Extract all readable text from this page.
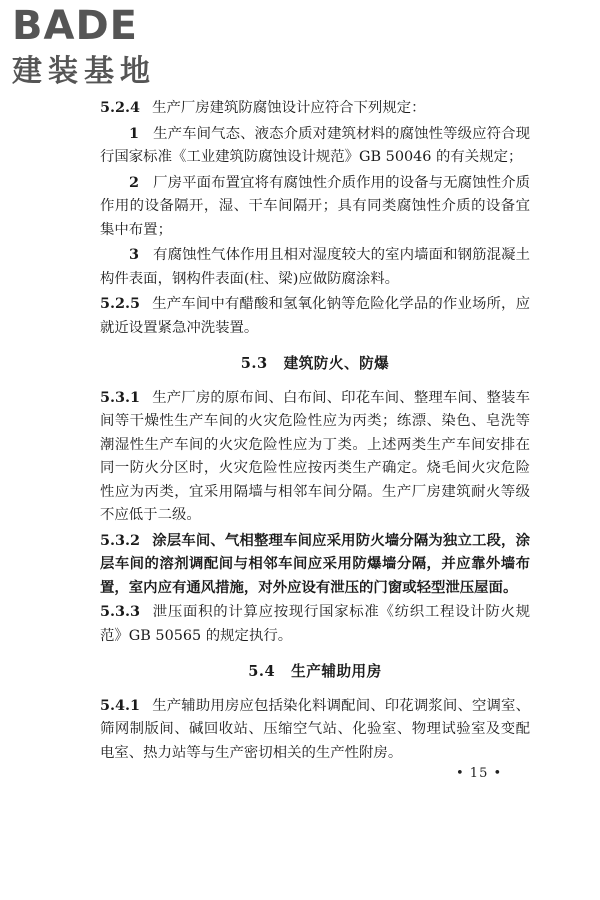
BADE
建装基地

5.2.4 生产厂房建筑防腐蚀设计应符合下列规定：

1 生产车间气态、液态介质对建筑材料的腐蚀性等级应符合现行国家标准《工业建筑防腐蚀设计规范》GB 50046 的有关规定；

2 厂房平面布置宜将有腐蚀性介质作用的设备与无腐蚀性介质作用的设备隔开，湿、干车间隔开；具有同类腐蚀性介质的设备宜集中布置；

3 有腐蚀性气体作用且相对湿度较大的室内墙面和钢筋混凝土构件表面，钢构件表面(柱、梁)应做防腐涂料。

5.2.5 生产车间中有醋酸和氢氧化钠等危险化学品的作业场所，应就近设置紧急冲洗装置。

5.3 建筑防火、防爆

5.3.1 生产厂房的原布间、白布间、印花车间、整理车间、整装车间等干燥性生产车间的火灾危险性应为丙类；练漂、染色、皂洗等潮湿性生产车间的火灾危险性应为丁类。上述两类生产车间安排在同一防火分区时，火灾危险性应按丙类生产确定。烧毛间火灾危险性应为丙类，宜采用隔墙与相邻车间分隔。生产厂房建筑耐火等级不应低于二级。

5.3.2 涂层车间、气相整理车间应采用防火墙分隔为独立工段，涂层车间的溶剂调配间与相邻车间应采用防爆墙分隔，并应靠外墙布置，室内应有通风措施，对外应设有泄压的门窗或轻型泄压屋面。

5.3.3 泄压面积的计算应按现行国家标准《纺织工程设计防火规范》GB 50565 的规定执行。

5.4 生产辅助用房

5.4.1 生产辅助用房应包括染化料调配间、印花调浆间、空调室、筛网制版间、碱回收站、压缩空气站、化验室、物理试验室及变配电室、热力站等与生产密切相关的生产性附房。

• 15 •
